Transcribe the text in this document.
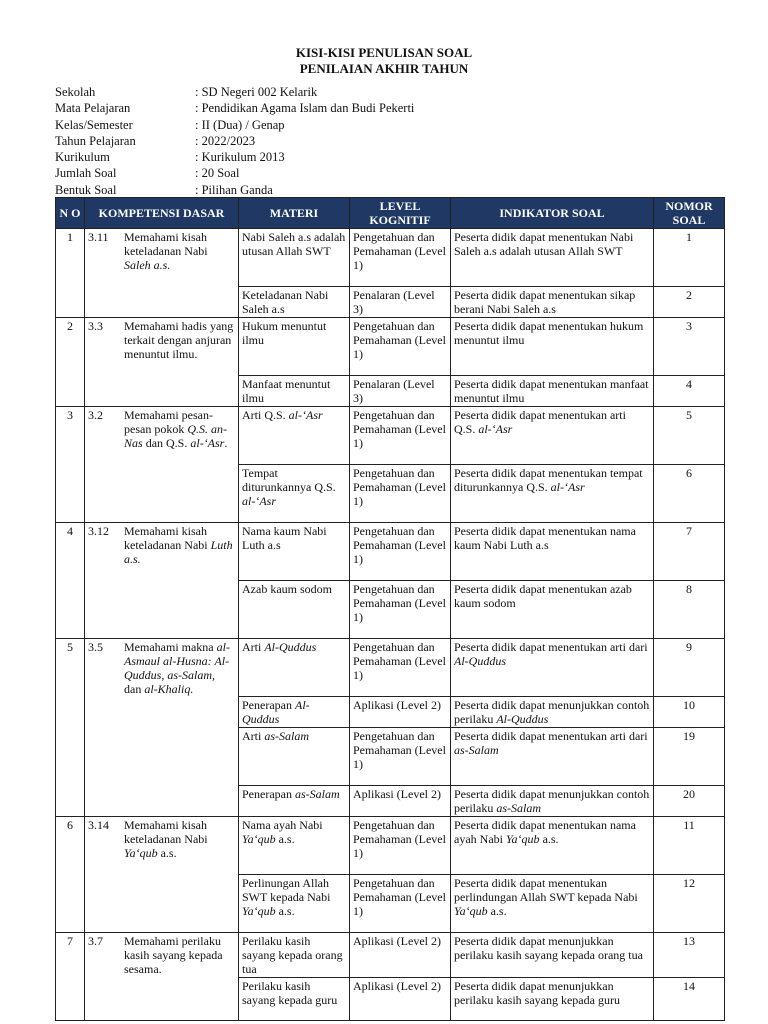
KISI-KISI PENULISAN SOAL
PENILAIAN AKHIR TAHUN
Sekolah	: SD Negeri 002 Kelarik
Mata Pelajaran	: Pendidikan Agama Islam dan Budi Pekerti
Kelas/Semester	: II (Dua) / Genap
Tahun Pelajaran	: 2022/2023
Kurikulum	: Kurikulum 2013
Jumlah Soal	: 20 Soal
Bentuk Soal	: Pilihan Ganda
N O	KOMPETENSI DASAR	MATERI	LEVEL KOGNITIF	INDIKATOR SOAL	NOMOR SOAL
1	3.11 Memahami kisah keteladanan Nabi Saleh a.s.	Nabi Saleh a.s adalah utusan Allah SWT	Pengetahuan dan Pemahaman (Level 1)	Peserta didik dapat menentukan Nabi Saleh a.s adalah utusan Allah SWT	1
		Keteladanan Nabi Saleh a.s	Penalaran (Level 3)	Peserta didik dapat menentukan sikap berani Nabi Saleh a.s	2
2	3.3 Memahami hadis yang terkait dengan anjuran menuntut ilmu.	Hukum menuntut ilmu	Pengetahuan dan Pemahaman (Level 1)	Peserta didik dapat menentukan hukum menuntut ilmu	3
		Manfaat menuntut ilmu	Penalaran (Level 3)	Peserta didik dapat menentukan manfaat menuntut ilmu	4
3	3.2 Memahami pesan-pesan pokok Q.S. an-Nas dan Q.S. al-‘Asr.	Arti Q.S. al-‘Asr	Pengetahuan dan Pemahaman (Level 1)	Peserta didik dapat menentukan arti Q.S. al-‘Asr	5
		Tempat diturunkannya Q.S. al-‘Asr	Pengetahuan dan Pemahaman (Level 1)	Peserta didik dapat menentukan tempat diturunkannya Q.S. al-‘Asr	6
4	3.12 Memahami kisah keteladanan Nabi Luth a.s.	Nama kaum Nabi Luth a.s	Pengetahuan dan Pemahaman (Level 1)	Peserta didik dapat menentukan nama kaum Nabi Luth a.s	7
		Azab kaum sodom	Pengetahuan dan Pemahaman (Level 1)	Peserta didik dapat menentukan azab kaum sodom	8
5	3.5 Memahami makna al-Asmaul al-Husna: Al-Quddus, as-Salam, dan al-Khaliq.	Arti Al-Quddus	Pengetahuan dan Pemahaman (Level 1)	Peserta didik dapat menentukan arti dari Al-Quddus	9
		Penerapan Al-Quddus	Aplikasi (Level 2)	Peserta didik dapat menunjukkan contoh perilaku Al-Quddus	10
		Arti as-Salam	Pengetahuan dan Pemahaman (Level 1)	Peserta didik dapat menentukan arti dari as-Salam	19
		Penerapan as-Salam	Aplikasi (Level 2)	Peserta didik dapat menunjukkan contoh perilaku as-Salam	20
6	3.14 Memahami kisah keteladanan Nabi Ya‘qub a.s.	Nama ayah Nabi Ya‘qub a.s.	Pengetahuan dan Pemahaman (Level 1)	Peserta didik dapat menentukan nama ayah Nabi Ya‘qub a.s.	11
		Perlinungan Allah SWT kepada Nabi Ya‘qub a.s.	Pengetahuan dan Pemahaman (Level 1)	Peserta didik dapat menentukan perlindungan Allah SWT kepada Nabi Ya‘qub a.s.	12
7	3.7 Memahami perilaku kasih sayang kepada sesama.	Perilaku kasih sayang kepada orang tua	Aplikasi (Level 2)	Peserta didik dapat menunjukkan perilaku kasih sayang kepada orang tua	13
		Perilaku kasih sayang kepada guru	Aplikasi (Level 2)	Peserta didik dapat menunjukkan perilaku kasih sayang kepada guru	14
